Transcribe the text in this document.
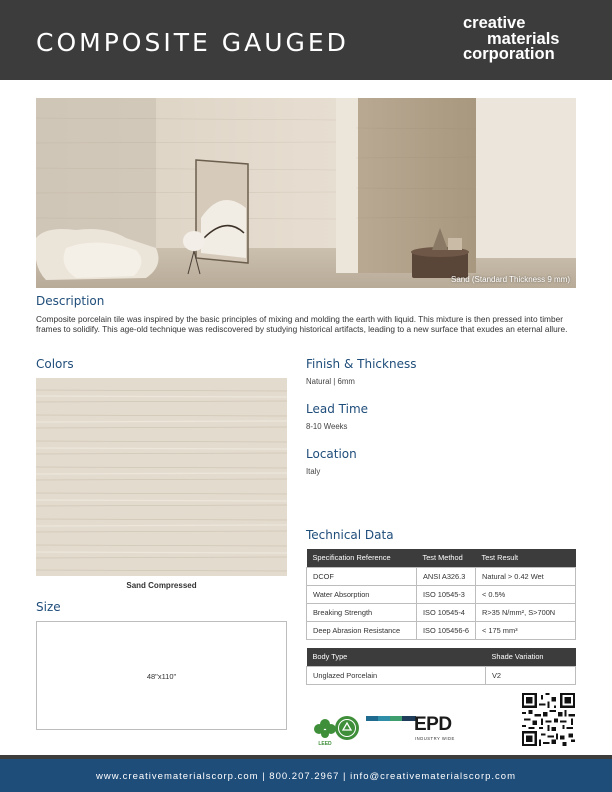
COMPOSITE GAUGED
creative
materials
corporation
Sand (Standard Thickness 9 mm)
Description
Composite porcelain tile was inspired by the basic principles of mixing and molding the earth with liquid. This mixture is then pressed into timber frames to solidify. This age-old technique was rediscovered by studying historical artifacts, leading to a new surface that exudes an eternal allure.
Colors
Sand Compressed
Size
48"x110"
Finish & Thickness
Natural | 6mm
Lead Time
8-10 Weeks
Location
Italy
Technical Data
Specification Reference	Test Method	Test Result
DCOF	ANSI A326.3	Natural > 0.42 Wet
Water Absorption	ISO 10545-3	< 0.5%
Breaking Strength	ISO 10545-4	R>35 N/mm², S>700N
Deep Abrasion Resistance	ISO 105456-6	< 175 mm³
Body Type	Shade Variation
Unglazed Porcelain	V2
LEED
EPD
INDUSTRY WIDE
www.creativematerialscorp.com | 800.207.2967 | info@creativematerialscorp.com
